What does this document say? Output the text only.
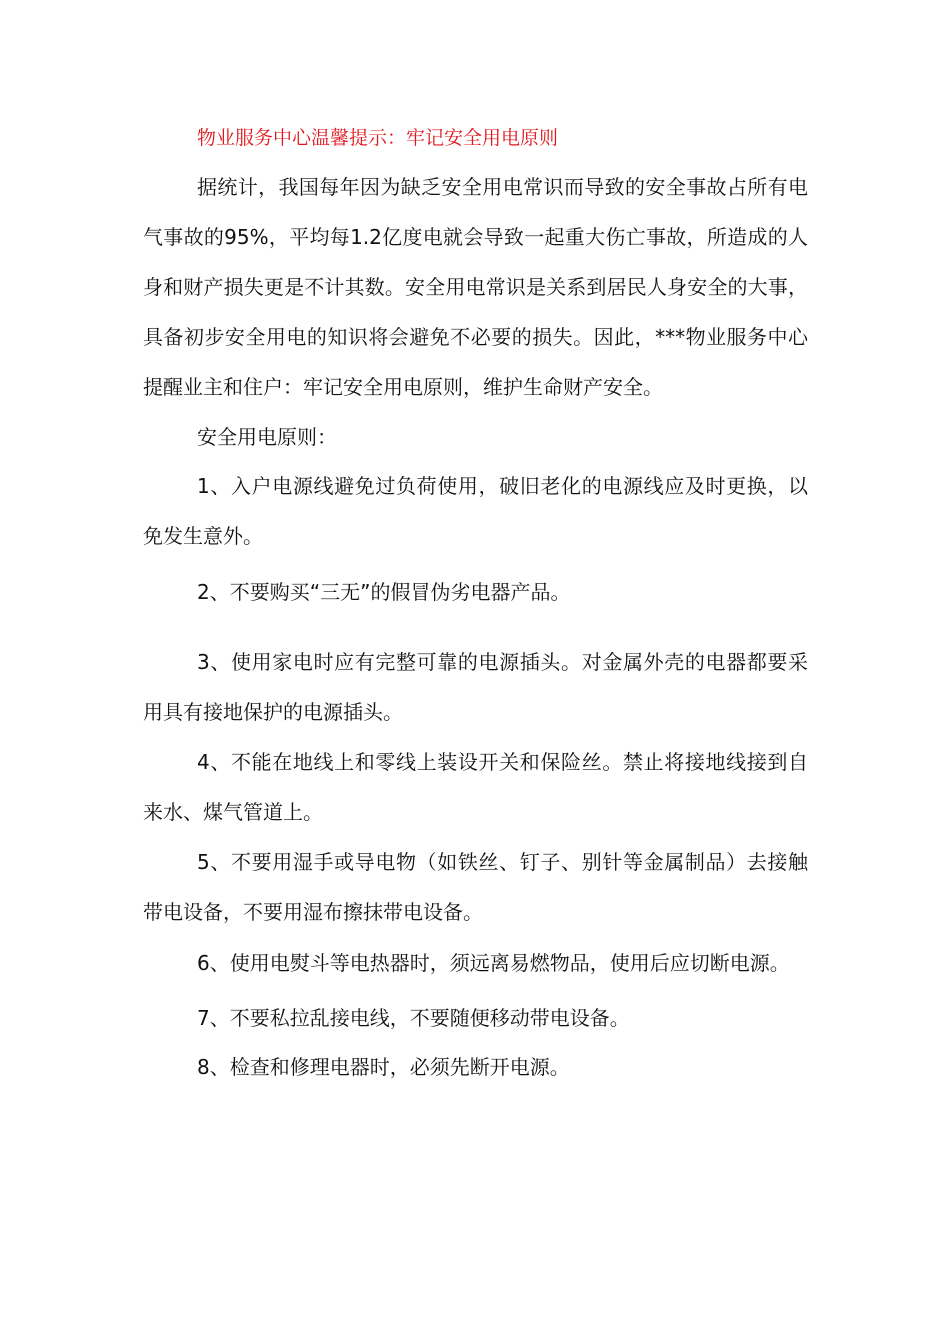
物业服务中心温馨提示：牢记安全用电原则

据统计，我国每年因为缺乏安全用电常识而导致的安全事故占所有电气事故的95%，平均每1.2亿度电就会导致一起重大伤亡事故，所造成的人身和财产损失更是不计其数。安全用电常识是关系到居民人身安全的大事，具备初步安全用电的知识将会避免不必要的损失。因此，***物业服务中心提醒业主和住户：牢记安全用电原则，维护生命财产安全。

安全用电原则：

1、入户电源线避免过负荷使用，破旧老化的电源线应及时更换，以免发生意外。

2、不要购买“三无”的假冒伪劣电器产品。

3、使用家电时应有完整可靠的电源插头。对金属外壳的电器都要采用具有接地保护的电源插头。

4、不能在地线上和零线上装设开关和保险丝。禁止将接地线接到自来水、煤气管道上。

5、不要用湿手或导电物（如铁丝、钉子、别针等金属制品）去接触带电设备，不要用湿布擦抹带电设备。

6、使用电熨斗等电热器时，须远离易燃物品，使用后应切断电源。

7、不要私拉乱接电线，不要随便移动带电设备。

8、检查和修理电器时，必须先断开电源。
